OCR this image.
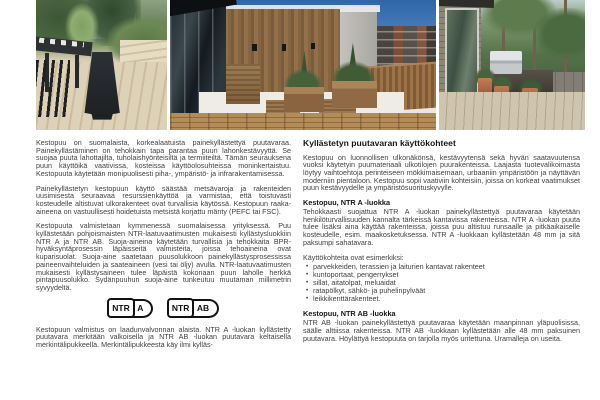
Kestopuu on suomalaista, korkealaatuista painekyllästettyä puutavaraa. Painekyllästäminen on tehokkain tapa parantaa puun lahonkestävyyttä. Se suojaa puuta lahottajilta, tuholaishyönteisiltä ja termiiteiltä. Tämän seurauksena puun käyttöikä vaativissa, kosteissa käyttöolosuhteissa moninkertaistuu. Kestopuuta käytetään monipuolisesti piha-, ympäristö- ja infrarakentamisessa.

Painekyllästetyn kestopuun käyttö säästää metsävaroja ja rakenteiden uusimisesta seuraavaa resurssienkäyttöä ja varmistaa, että toistuvasti kosteudelle altistuvat ulkorakenteet ovat turvallisia käytössä. Kestopuun raaka-aineena on vastuullisesti hoidetuista metsistä korjattu mänty (PEFC tai FSC).

Kestopuuta valmistetaan kymmenessä suomalaisessa yrityksessä. Puu kyllästetään pohjoismaisten NTR-laatuvaatimusten mukaisesti kyllästysluokkiin NTR A ja NTR AB. Suoja-aineina käytetään turvallisia ja tehokkaita BPR-hyväksyntäprosessin läpäisseitä valmisteita, joissa tehoaineina ovat kuparisuolat. Suoja-aine saatetaan puusolukkoon painekyllästysprosessissa paineenvaihteluiden ja saateaineen (vesi tai öljy) avulla. NTR-laatuvaatimusten mukaisesti kyllästysaineen tulee läpäistä kokonaan puun laholle herkkä pintapuusolukko. Sydänpuuhun suoja-aine tunkeutuu muutaman millimetrin syvyydeltä.

NTR A	NTR AB

Kestopuun valmistus on laadunvalvonnan alaista. NTR A -luokan kyllästetty puutavara merkitään valkoisella ja NTR AB -luokan puutavara keltaisella merkintälipukkeella. Merkintälipukkeesta käy ilmi kylläs-

Kyllästetyn puutavaran käyttökohteet

Kestopuu on luonnollisen ulkonäkönsä, kestävyytensä sekä hyvän saatavuutensa vuoksi käytetyin puumateriaali ulkotilojen puurakenteissa. Laajasta tuotevalikoimasta löytyy vaihtoehtoja perinteiseen mökkimaisemaan, urbaaniin ympäristöön ja näyttävän moderniin pientaloon. Kestopuu sopii vaativiin kohteisiin, joissa on korkeat vaatimukset puun kestävyydelle ja ympäristösuorituskyvylle.

Kestopuu, NTR A -luokka

Tehokkaasti suojattua NTR A -luokan painekyllästettyä puutavaraa käytetään henkilöturvallisuuden kannalta tärkeissä kantavissa rakenteissa. NTR A -luokan puuta tulee lisäksi aina käyttää rakenteissa, joissa puu altistuu runsaalle ja pitkäaikaiselle kosteudelle, esim. maakosketuksessa. NTR A -luokkaan kyllästetään 48 mm ja sitä paksumpi sahatavara.

Käyttökohteita ovat esimerkiksi:

• parvekkeiden, terassien ja laiturien kantavat rakenteet
• kuntoportaat, pengerrykset
• sillat, aitatolpat, meluaidat
• ratapölkyt, sähkö- ja puhelinpylväät
• leikkikenttärakenteet.
Kestopuu, NTR AB -luokka

NTR AB -luokan painekyllästettyä puutavaraa käytetään maanpinnan yläpuolisissa, säälle alttiissa rakenteissa. NTR AB -luokkaan kyllästetään alle 48 mm paksuinen puutavara. Höylättyä kestopuuta on tarjolla myös uritettuna. Uramalleja on useita.
